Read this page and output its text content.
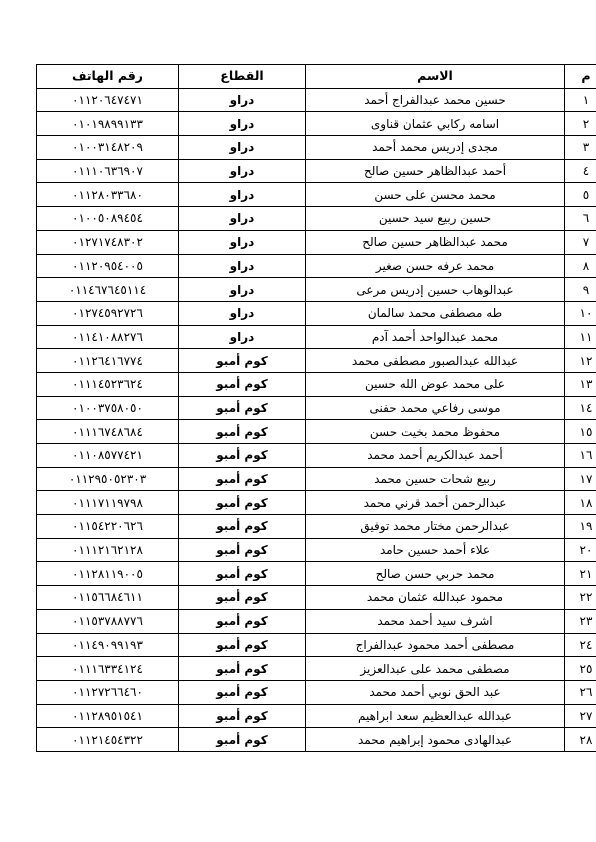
م	الاسم	القطاع	رقم الهاتف
١	حسين محمد عبدالفراج أحمد	دراو	٠١١٢٠٦٤٧٤٧١
٢	اسامه ركابي عثمان قناوى	دراو	٠١٠١٩٨٩٩١٣٣
٣	مجدى إدريس محمد أحمد	دراو	٠١٠٠٣١٤٨٢٠٩
٤	أحمد عبدالظاهر حسين صالح	دراو	٠١١١٠٦٣٦٩٠٧
٥	محمد محسن على حسن	دراو	٠١١٢٨٠٣٣٦٨٠
٦	حسين ربيع سيد حسين	دراو	٠١٠٠٥٠٨٩٤٥٤
٧	محمد عبدالظاهر حسين صالح	دراو	٠١٢٧١٧٤٨٣٠٢
٨	محمد عرفه حسن صغير	دراو	٠١١٢٠٩٥٤٠٠٥
٩	عبدالوهاب حسين إدريس مرعى	دراو	٠١١٤٦٧٦٤٥١١٤
١٠	طه مصطفى محمد سالمان	دراو	٠١٢٧٤٥٩٢٧٢٦
١١	محمد عبدالواحد أحمد آدم	دراو	٠١١٤١٠٨٨٢٧٦
١٢	عبدالله عبدالصبور مصطفى محمد	كوم أمبو	٠١١٢٦٤١٦٧٧٤
١٣	على محمد عوض الله حسين	كوم أمبو	٠١١١٤٥٢٣٦٢٤
١٤	موسى رفاعي محمد حفنى	كوم أمبو	٠١٠٠٣٧٥٨٠٥٠
١٥	محفوظ محمد بخيت حسن	كوم أمبو	٠١١١٦٧٤٨٦٨٤
١٦	أحمد عبدالكريم أحمد محمد	كوم أمبو	٠١١٠٨٥٧٧٤٢١
١٧	ربيع شحات حسين محمد	كوم أمبو	٠١١٢٩٥٠٥٢٣٠٣
١٨	عبدالرحمن أحمد قرني محمد	كوم أمبو	٠١١١٧١١٩٧٩٨
١٩	عبدالرحمن مختار محمد توفيق	كوم أمبو	٠١١٥٤٢٢٠٦٢٦
٢٠	علاء أحمد حسين حامد	كوم أمبو	٠١١١٢١٦٢١٢٨
٢١	محمد حربي حسن صالح	كوم أمبو	٠١١٢٨١١٩٠٠٥
٢٢	محمود عبدالله عثمان محمد	كوم أمبو	٠١١٥٦٦٨٤٦١١
٢٣	اشرف سيد أحمد محمد	كوم أمبو	٠١١٥٣٧٨٨٧٧٦
٢٤	مصطفى أحمد محمود عبدالفراج	كوم أمبو	٠١١٤٩٠٩٩١٩٣
٢٥	مصطفى محمد على عبدالعزيز	كوم أمبو	٠١١١٦٣٣٤١٢٤
٢٦	عبد الحق نوبي أحمد محمد	كوم أمبو	٠١١٢٧٢٦٦٤٦٠
٢٧	عبدالله عبدالعظيم سعد ابراهيم	كوم أمبو	٠١١٢٨٩٥١٥٤١
٢٨	عبدالهادى محمود إبراهيم محمد	كوم أمبو	٠١١٢١٤٥٤٣٢٢
